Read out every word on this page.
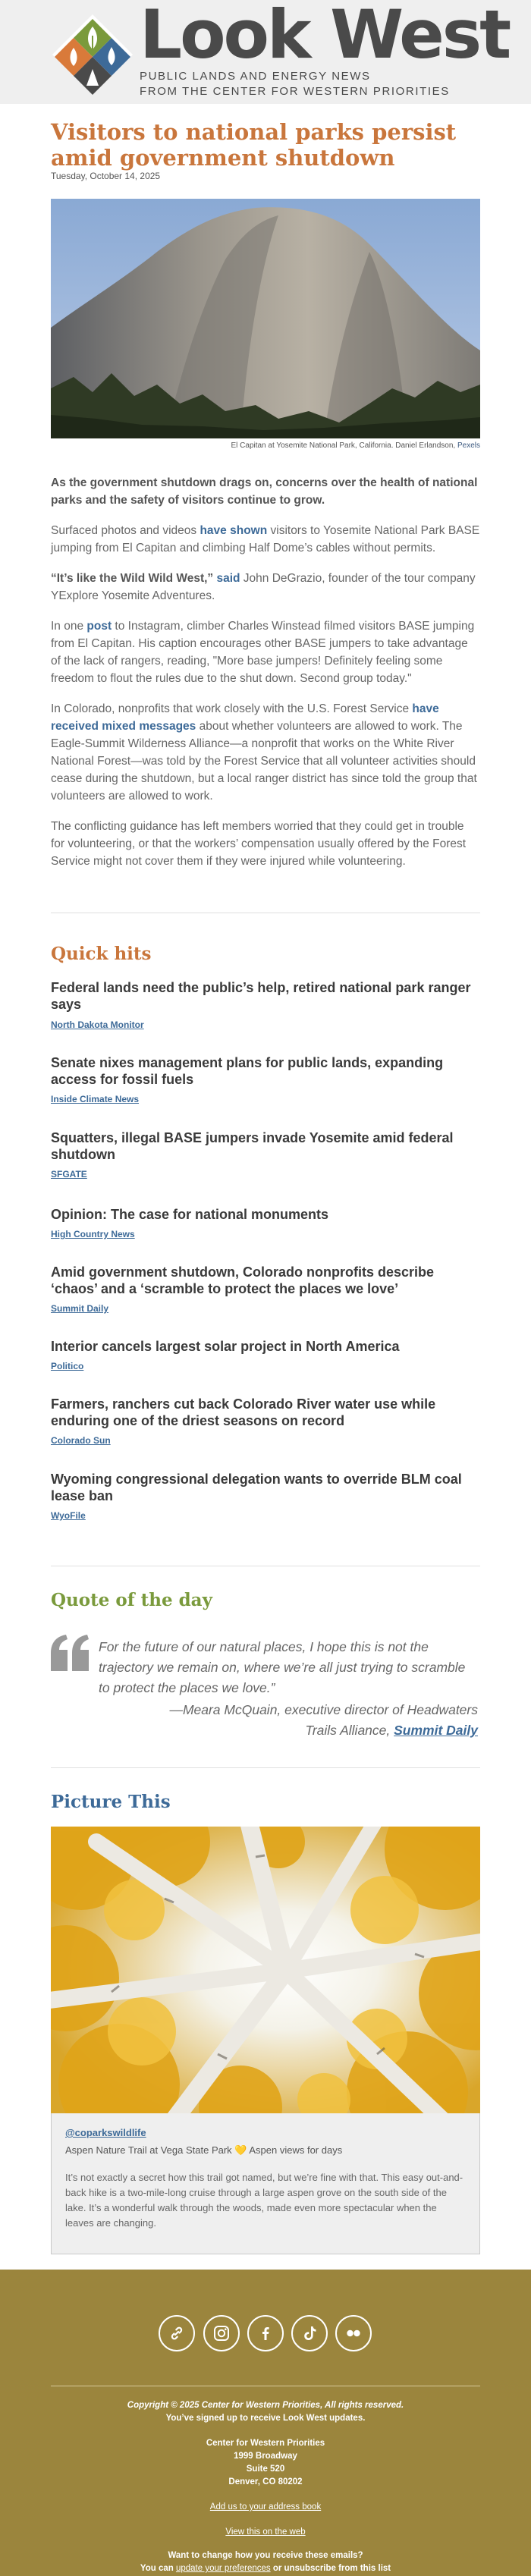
Look West
PUBLIC LANDS AND ENERGY NEWS
FROM THE CENTER FOR WESTERN PRIORITIES
Visitors to national parks persist amid government shutdown
Tuesday, October 14, 2025
El Capitan at Yosemite National Park, California. Daniel Erlandson, Pexels

As the government shutdown drags on, concerns over the health of national parks and the safety of visitors continue to grow.

Surfaced photos and videos have shown visitors to Yosemite National Park BASE jumping from El Capitan and climbing Half Dome’s cables without permits.

“It’s like the Wild Wild West,” said John DeGrazio, founder of the tour company YExplore Yosemite Adventures.

In one post to Instagram, climber Charles Winstead filmed visitors BASE jumping from El Capitan. His caption encourages other BASE jumpers to take advantage of the lack of rangers, reading, "More base jumpers! Definitely feeling some freedom to flout the rules due to the shut down. Second group today."

In Colorado, nonprofits that work closely with the U.S. Forest Service have received mixed messages about whether volunteers are allowed to work. The Eagle-Summit Wilderness Alliance—a nonprofit that works on the White River National Forest—was told by the Forest Service that all volunteer activities should cease during the shutdown, but a local ranger district has since told the group that volunteers are allowed to work.

The conflicting guidance has left members worried that they could get in trouble for volunteering, or that the workers’ compensation usually offered by the Forest Service might not cover them if they were injured while volunteering.

Quick hits
Federal lands need the public’s help, retired national park ranger says
North Dakota Monitor
Senate nixes management plans for public lands, expanding access for fossil fuels
Inside Climate News
Squatters, illegal BASE jumpers invade Yosemite amid federal shutdown
SFGATE
Opinion: The case for national monuments
High Country News
Amid government shutdown, Colorado nonprofits describe ‘chaos’ and a ‘scramble to protect the places we love’
Summit Daily
Interior cancels largest solar project in North America
Politico
Farmers, ranchers cut back Colorado River water use while enduring one of the driest seasons on record
Colorado Sun
Wyoming congressional delegation wants to override BLM coal lease ban
WyoFile
Quote of the day
For the future of our natural places, I hope this is not the trajectory we remain on, where we’re all just trying to scramble to protect the places we love.”
—Meara McQuain, executive director of Headwaters Trails Alliance, Summit Daily
Picture This
@coparkswildlife
Aspen Nature Trail at Vega State Park 💛 Aspen views for days
It’s not exactly a secret how this trail got named, but we’re fine with that. This easy out-and-back hike is a two-mile-long cruise through a large aspen grove on the south side of the lake. It’s a wonderful walk through the woods, made even more spectacular when the leaves are changing.
Copyright © 2025 Center for Western Priorities, All rights reserved.
You’ve signed up to receive Look West updates.
Center for Western Priorities
1999 Broadway
Suite 520
Denver, CO 80202
Add us to your address book
View this on the web
Want to change how you receive these emails?
You can update your preferences or unsubscribe from this list
